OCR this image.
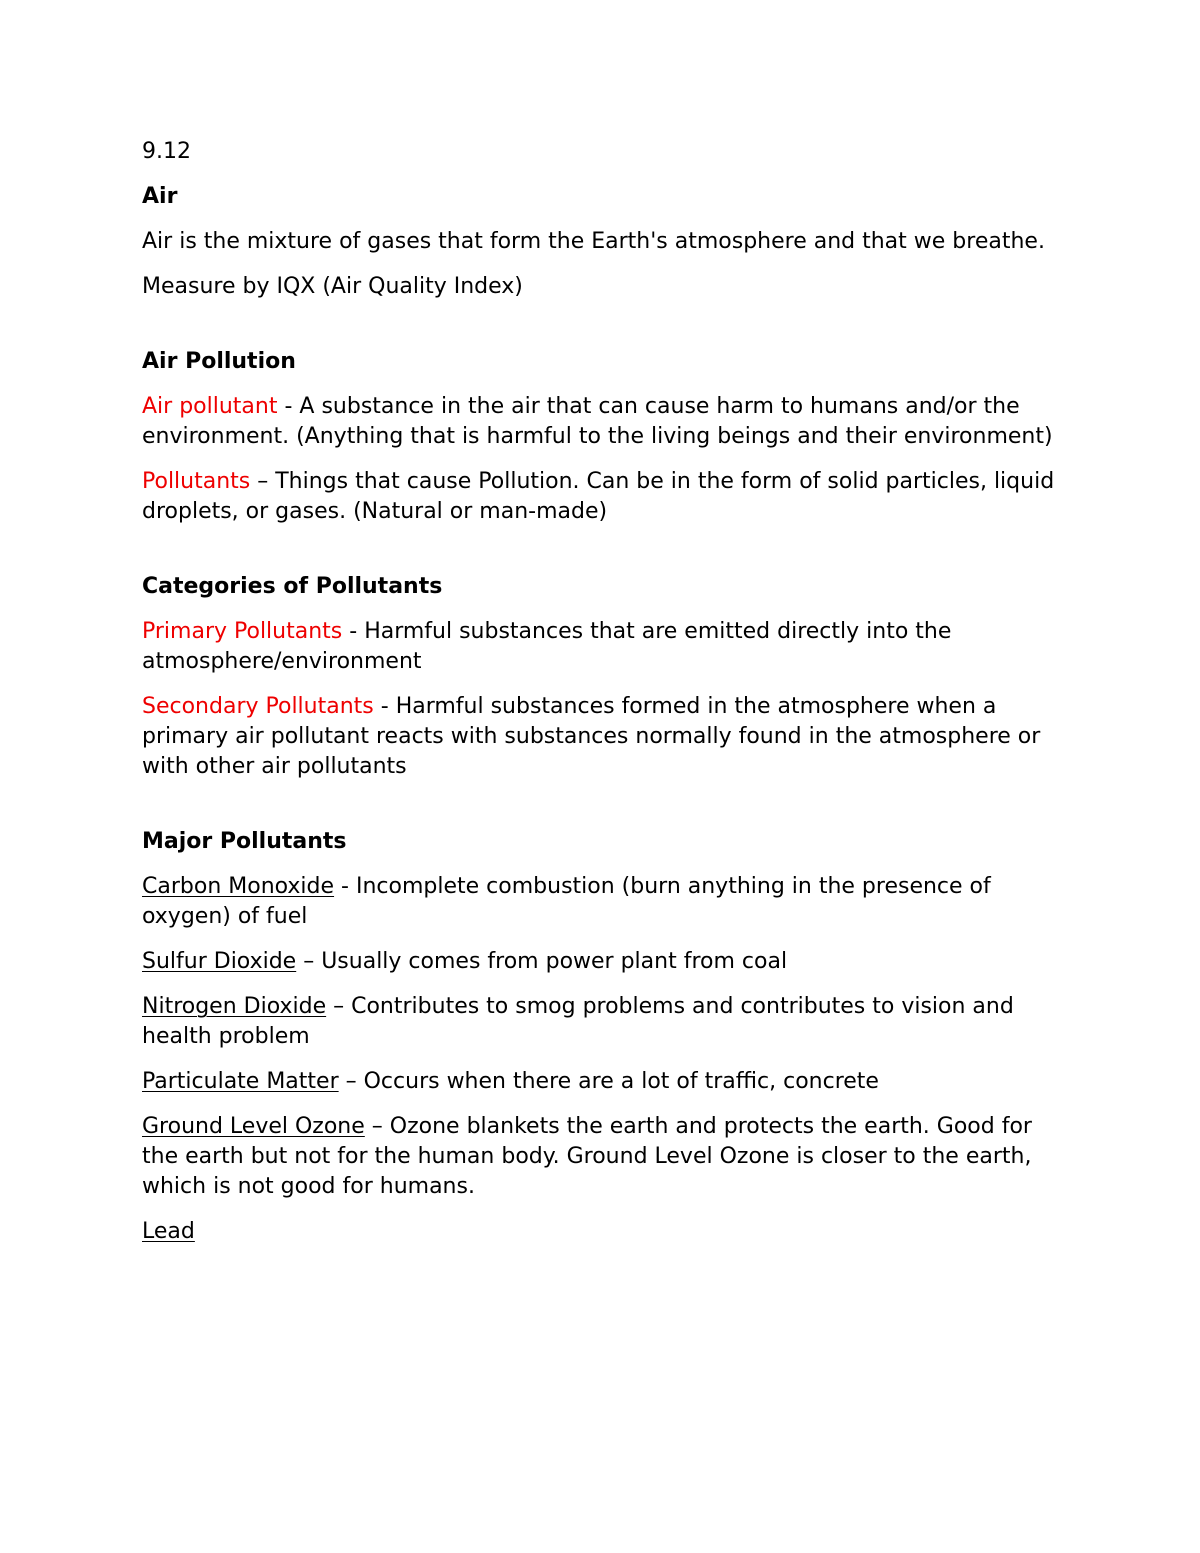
9.12

Air

Air is the mixture of gases that form the Earth's atmosphere and that we breathe.

Measure by IQX (Air Quality Index)

Air Pollution

Air pollutant - A substance in the air that can cause harm to humans and/or the environment. (Anything that is harmful to the living beings and their environment)

Pollutants – Things that cause Pollution. Can be in the form of solid particles, liquid droplets, or gases. (Natural or man-made)

Categories of Pollutants

Primary Pollutants - Harmful substances that are emitted directly into the atmosphere/environment

Secondary Pollutants - Harmful substances formed in the atmosphere when a primary air pollutant reacts with substances normally found in the atmosphere or with other air pollutants

Major Pollutants

Carbon Monoxide - Incomplete combustion (burn anything in the presence of oxygen) of fuel

Sulfur Dioxide – Usually comes from power plant from coal

Nitrogen Dioxide – Contributes to smog problems and contributes to vision and health problem

Particulate Matter – Occurs when there are a lot of traffic, concrete

Ground Level Ozone – Ozone blankets the earth and protects the earth. Good for the earth but not for the human body. Ground Level Ozone is closer to the earth, which is not good for humans.

Lead
